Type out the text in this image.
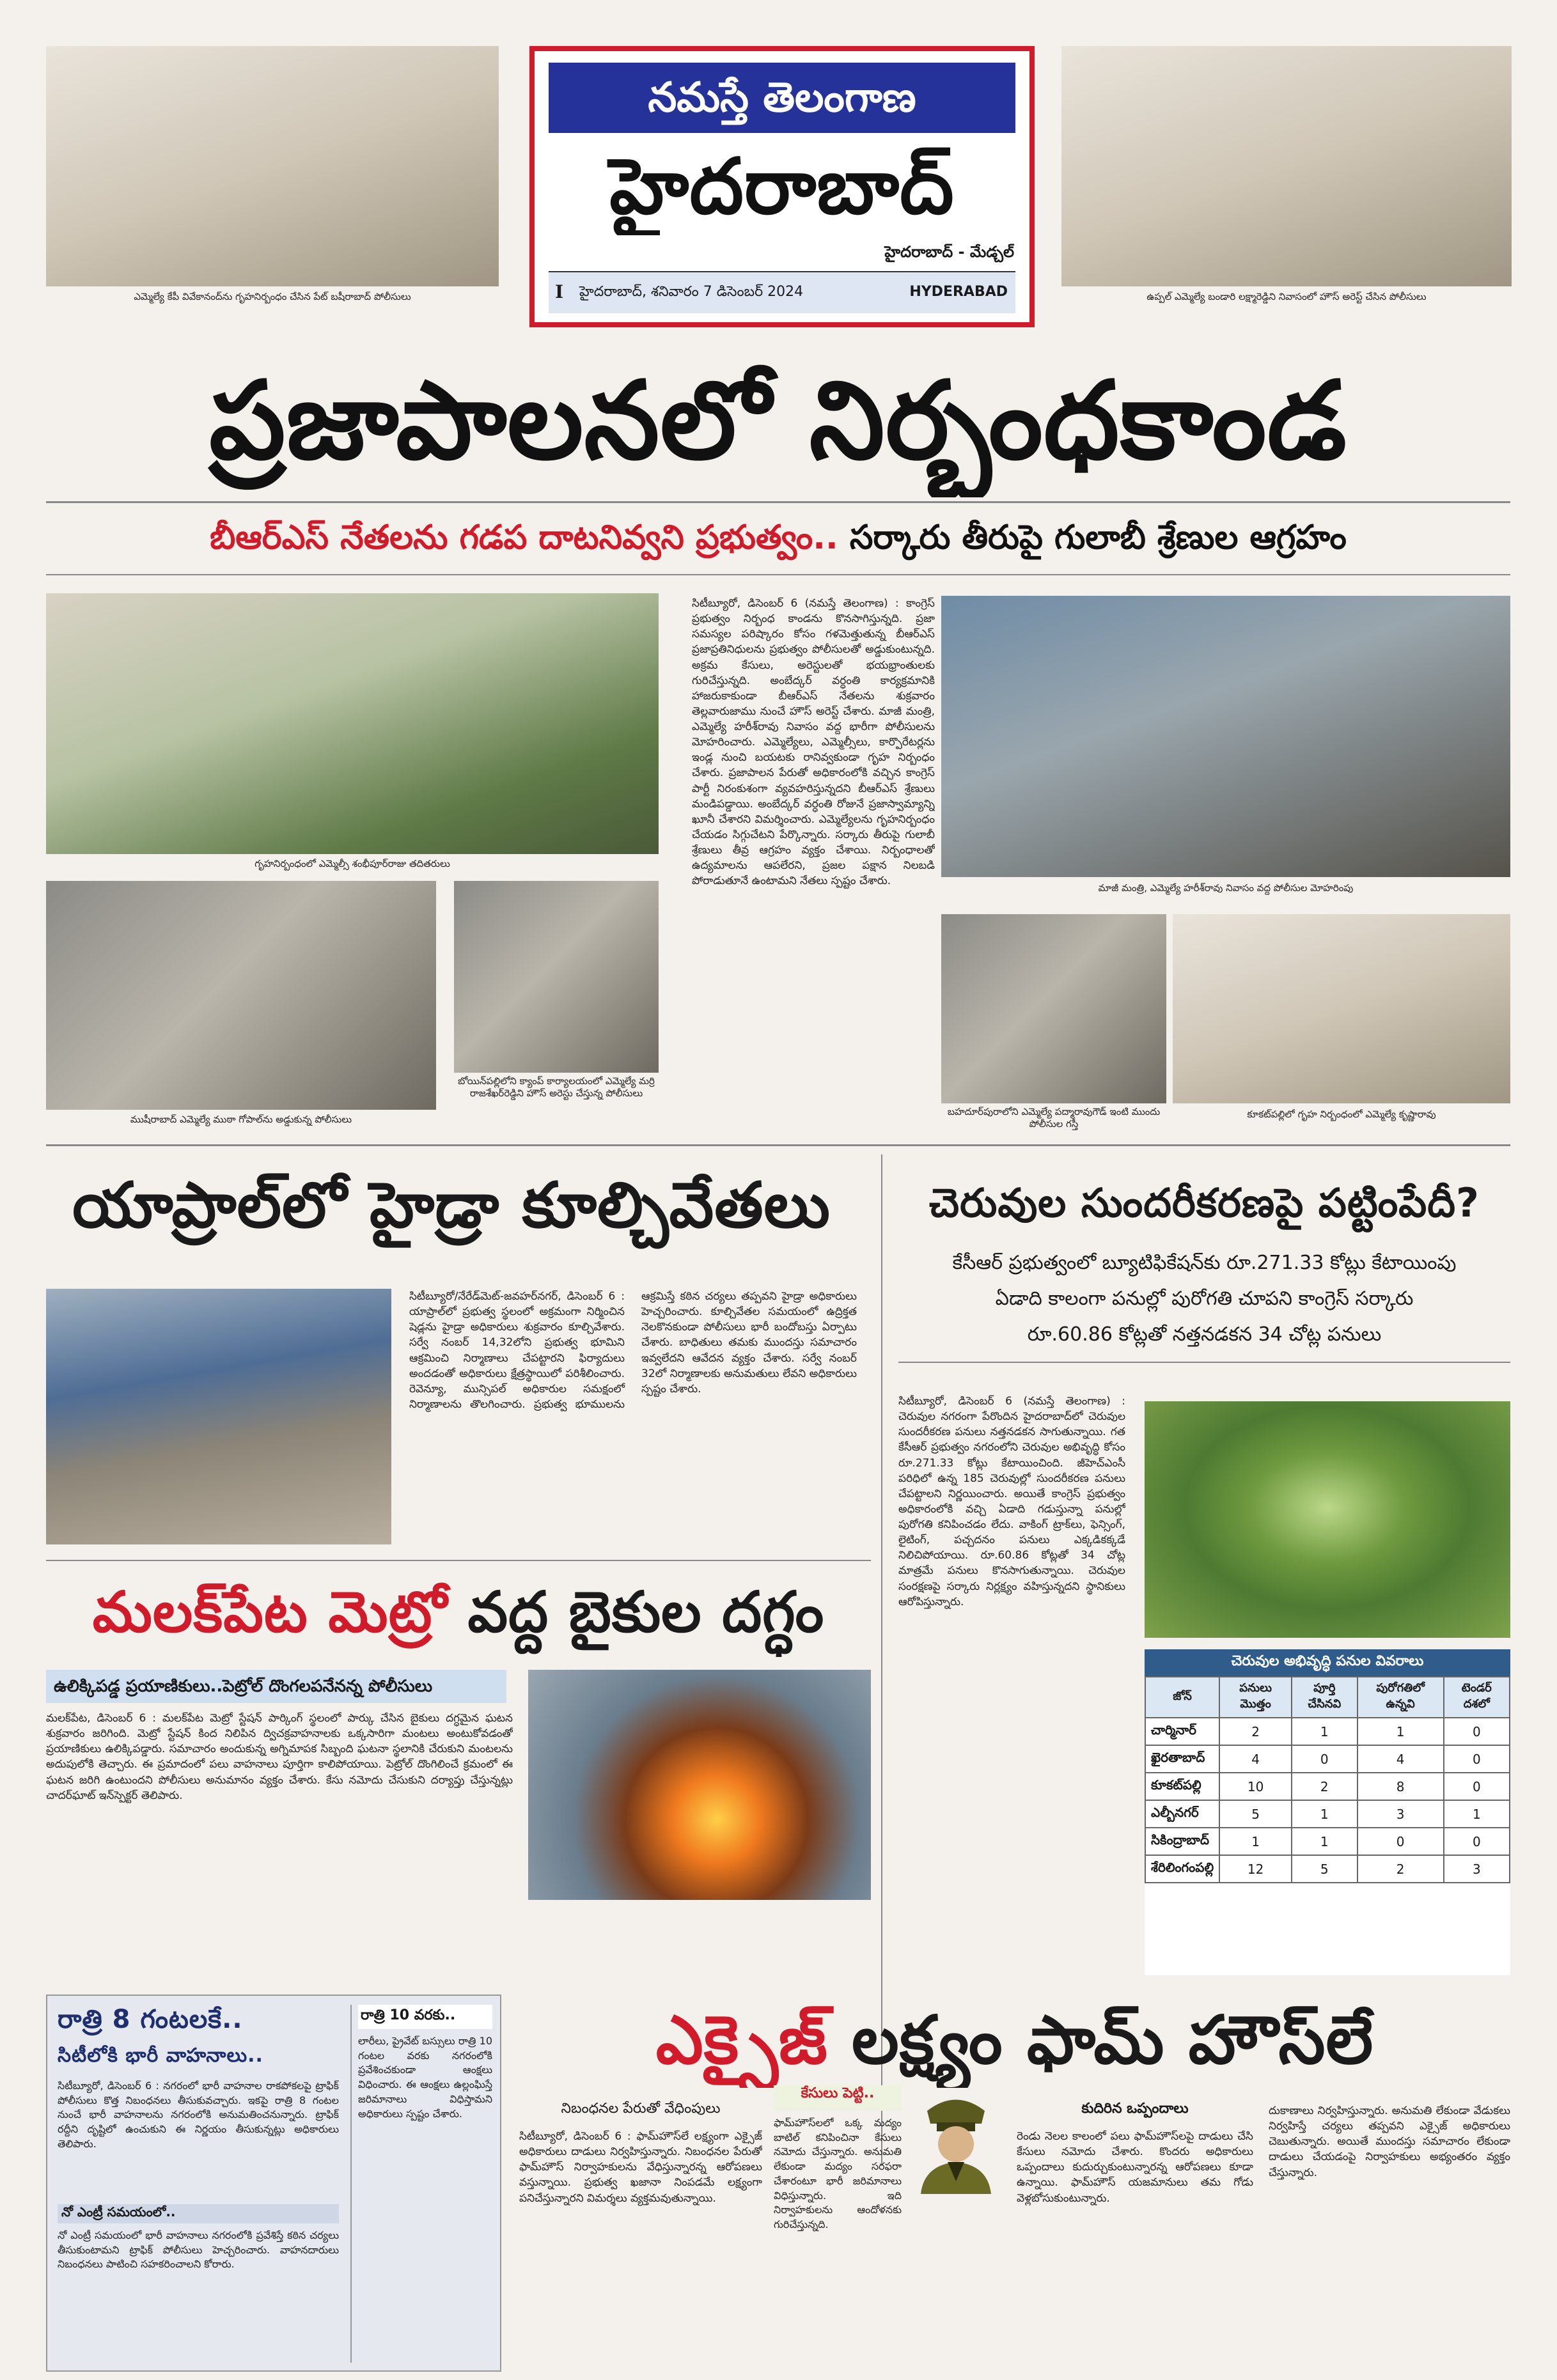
ఎమ్మెల్యే కేపీ వివేకానంద్‌ను గృహనిర్బంధం చేసిన పేట్ బషీరాబాద్ పోలీసులు
నమస్తే తెలంగాణ
హైదరాబాద్
హైదరాబాద్ - మేడ్చల్
I హైదరాబాద్, శనివారం 7 డిసెంబర్ 2024	HYDERABAD	ఉప్పల్ ఎమ్మెల్యే బండారి లక్ష్మారెడ్డిని నివాసంలో హౌస్ అరెస్ట్ చేసిన పోలీసులు
ప్రజాపాలనలో నిర్బంధకాండ
బీఆర్‌ఎస్ నేతలను గడప దాటనివ్వని ప్రభుత్వం.. సర్కారు తీరుపై గులాబీ శ్రేణుల ఆగ్రహం
గృహనిర్బంధంలో ఎమ్మెల్సీ శంభీపూర్‌రాజు తదితరులు
ముషీరాబాద్ ఎమ్మెల్యే ముఠా గోపాల్‌ను అడ్డుకున్న పోలీసులు
బోయిన్‌పల్లిలోని క్యాంప్ కార్యాలయంలో ఎమ్మెల్యే మర్రి రాజశేఖర్‌రెడ్డిని హౌస్ అరెస్టు చేస్తున్న పోలీసులు
సిటీబ్యూరో, డిసెంబర్ 6 (నమస్తే తెలంగాణ) : కాంగ్రెస్ ప్రభుత్వం నిర్బంధ కాండను కొనసాగిస్తున్నది. ప్రజా సమస్యల పరిష్కారం కోసం గళమెత్తుతున్న బీఆర్‌ఎస్ ప్రజాప్రతినిధులను ప్రభుత్వం పోలీసులతో అడ్డుకుంటున్నది. అక్రమ కేసులు, అరెస్టులతో భయభ్రాంతులకు గురిచేస్తున్నది. అంబేద్కర్ వర్ధంతి కార్యక్రమానికి హాజరుకాకుండా బీఆర్‌ఎస్ నేతలను శుక్రవారం తెల్లవారుజాము నుంచే హౌస్ అరెస్ట్ చేశారు. మాజీ మంత్రి, ఎమ్మెల్యే హరీశ్‌రావు నివాసం వద్ద భారీగా పోలీసులను మోహరించారు. ఎమ్మెల్యేలు, ఎమ్మెల్సీలు, కార్పొరేటర్లను ఇండ్ల నుంచి బయటకు రానివ్వకుండా గృహ నిర్బంధం చేశారు. ప్రజాపాలన పేరుతో అధికారంలోకి వచ్చిన కాంగ్రెస్ పార్టీ నిరంకుశంగా వ్యవహరిస్తున్నదని బీఆర్‌ఎస్ శ్రేణులు మండిపడ్డాయి. అంబేద్కర్ వర్ధంతి రోజునే ప్రజాస్వామ్యాన్ని ఖూనీ చేశారని విమర్శించారు. ఎమ్మెల్యేలను గృహనిర్బంధం చేయడం సిగ్గుచేటని పేర్కొన్నారు. సర్కారు తీరుపై గులాబీ శ్రేణులు తీవ్ర ఆగ్రహం వ్యక్తం చేశాయి. నిర్బంధాలతో ఉద్యమాలను ఆపలేరని, ప్రజల పక్షాన నిలబడి పోరాడుతూనే ఉంటామని నేతలు స్పష్టం చేశారు.
మాజీ మంత్రి, ఎమ్మెల్యే హరీశ్‌రావు నివాసం వద్ద పోలీసుల మోహరింపు
బహదూర్‌పురాలోని ఎమ్మెల్యే పద్మారావుగౌడ్ ఇంటి ముందు పోలీసుల గస్తీ
కూకట్‌పల్లిలో గృహ నిర్బంధంలో ఎమ్మెల్యే కృష్ణారావు
యాప్రాల్‌లో హైడ్రా కూల్చివేతలు
సిటీబ్యూరో/నేరేడ్‌మెట్-జవహర్‌నగర్, డిసెంబర్ 6 : యాప్రాల్‌లో ప్రభుత్వ స్థలంలో అక్రమంగా నిర్మించిన షెడ్లను హైడ్రా అధికారులు శుక్రవారం కూల్చివేశారు. సర్వే నంబర్ 14,32లోని ప్రభుత్వ భూమిని ఆక్రమించి నిర్మాణాలు చేపట్టారని ఫిర్యాదులు అందడంతో అధికారులు క్షేత్రస్థాయిలో పరిశీలించారు. రెవెన్యూ, మున్సిపల్ అధికారుల సమక్షంలో నిర్మాణాలను తొలగించారు. ప్రభుత్వ భూములను ఆక్రమిస్తే కఠిన చర్యలు తప్పవని హైడ్రా అధికారులు హెచ్చరించారు. కూల్చివేతల సమయంలో ఉద్రిక్తత నెలకొనకుండా పోలీసులు భారీ బందోబస్తు ఏర్పాటు చేశారు. బాధితులు తమకు ముందస్తు సమాచారం ఇవ్వలేదని ఆవేదన వ్యక్తం చేశారు. సర్వే నంబర్ 32లో నిర్మాణాలకు అనుమతులు లేవని అధికారులు స్పష్టం చేశారు.
చెరువుల సుందరీకరణపై పట్టింపేదీ?
కేసీఆర్ ప్రభుత్వంలో బ్యూటిఫికేషన్‌కు రూ.271.33 కోట్లు కేటాయింపు
ఏడాది కాలంగా పనుల్లో పురోగతి చూపని కాంగ్రెస్ సర్కారు
రూ.60.86 కోట్లతో నత్తనడకన 34 చోట్ల పనులు
సిటీబ్యూరో, డిసెంబర్ 6 (నమస్తే తెలంగాణ) : చెరువుల నగరంగా పేరొందిన హైదరాబాద్‌లో చెరువుల సుందరీకరణ పనులు నత్తనడకన సాగుతున్నాయి. గత కేసీఆర్ ప్రభుత్వం నగరంలోని చెరువుల అభివృద్ధి కోసం రూ.271.33 కోట్లు కేటాయించింది. జీహెచ్‌ఎంసీ పరిధిలో ఉన్న 185 చెరువుల్లో సుందరీకరణ పనులు చేపట్టాలని నిర్ణయించారు. అయితే కాంగ్రెస్ ప్రభుత్వం అధికారంలోకి వచ్చి ఏడాది గడుస్తున్నా పనుల్లో పురోగతి కనిపించడం లేదు. వాకింగ్ ట్రాక్‌లు, ఫెన్సింగ్, లైటింగ్, పచ్చదనం పనులు ఎక్కడికక్కడే నిలిచిపోయాయి. రూ.60.86 కోట్లతో 34 చోట్ల మాత్రమే పనులు కొనసాగుతున్నాయి. చెరువుల సంరక్షణపై సర్కారు నిర్లక్ష్యం వహిస్తున్నదని స్థానికులు ఆరోపిస్తున్నారు.
చెరువుల అభివృద్ధి పనుల వివరాలు
జోన్	పనులు మొత్తం	పూర్తి చేసినవి	పురోగతిలో ఉన్నవి	టెండర్ దశలో
చార్మినార్	2	1	1	0
ఖైరతాబాద్	4	0	4	0
కూకట్‌పల్లి	10	2	8	0
ఎల్బీనగర్	5	1	3	1
సికింద్రాబాద్	1	1	0	0
శేరిలింగంపల్లి	12	5	2	3
మలక్‌పేట మెట్రో వద్ద బైకుల దగ్ధం
ఉలిక్కిపడ్డ ప్రయాణికులు..పెట్రోల్ దొంగలపనేనన్న పోలీసులు
మలక్‌పేట, డిసెంబర్ 6 : మలక్‌పేట మెట్రో స్టేషన్ పార్కింగ్ స్థలంలో పార్కు చేసిన బైకులు దగ్ధమైన ఘటన శుక్రవారం జరిగింది. మెట్రో స్టేషన్ కింద నిలిపిన ద్విచక్రవాహనాలకు ఒక్కసారిగా మంటలు అంటుకోవడంతో ప్రయాణికులు ఉలిక్కిపడ్డారు. సమాచారం అందుకున్న అగ్నిమాపక సిబ్బంది ఘటనా స్థలానికి చేరుకుని మంటలను అదుపులోకి తెచ్చారు. ఈ ప్రమాదంలో పలు వాహనాలు పూర్తిగా కాలిపోయాయి. పెట్రోల్ దొంగిలించే క్రమంలో ఈ ఘటన జరిగి ఉంటుందని పోలీసులు అనుమానం వ్యక్తం చేశారు. కేసు నమోదు చేసుకుని దర్యాప్తు చేస్తున్నట్లు చాదర్‌ఘాట్ ఇన్‌స్పెక్టర్ తెలిపారు.
రాత్రి 8 గంటలకే..
సిటీలోకి భారీ వాహనాలు..
సిటీబ్యూరో, డిసెంబర్ 6 : నగరంలో భారీ వాహనాల రాకపోకలపై ట్రాఫిక్ పోలీసులు కొత్త నిబంధనలు తీసుకువచ్చారు. ఇకపై రాత్రి 8 గంటల నుంచే భారీ వాహనాలను నగరంలోకి అనుమతించనున్నారు. ట్రాఫిక్ రద్దీని దృష్టిలో ఉంచుకుని ఈ నిర్ణయం తీసుకున్నట్లు అధికారులు తెలిపారు.
నో ఎంట్రీ సమయంలో..
నో ఎంట్రీ సమయంలో భారీ వాహనాలు నగరంలోకి ప్రవేశిస్తే కఠిన చర్యలు తీసుకుంటామని ట్రాఫిక్ పోలీసులు హెచ్చరించారు. వాహనదారులు నిబంధనలు పాటించి సహకరించాలని కోరారు.
రాత్రి 10 వరకు..
లారీలు, ప్రైవేట్ బస్సులు రాత్రి 10 గంటల వరకు నగరంలోకి ప్రవేశించకుండా ఆంక్షలు విధించారు. ఈ ఆంక్షలు ఉల్లంఘిస్తే జరిమానాలు విధిస్తామని అధికారులు స్పష్టం చేశారు.
ఎక్సైజ్ లక్ష్యం ఫామ్ హౌస్‌లే
నిబంధనల పేరుతో వేధింపులు
సిటీబ్యూరో, డిసెంబర్ 6 : ఫామ్‌హౌస్‌లే లక్ష్యంగా ఎక్సైజ్ అధికారులు దాడులు నిర్వహిస్తున్నారు. నిబంధనల పేరుతో ఫామ్‌హౌస్ నిర్వాహకులను వేధిస్తున్నారన్న ఆరోపణలు వస్తున్నాయి. ప్రభుత్వ ఖజానా నింపడమే లక్ష్యంగా పనిచేస్తున్నారని విమర్శలు వ్యక్తమవుతున్నాయి.
కేసులు పెట్టి..
ఫామ్‌హౌస్‌లలో ఒక్క మద్యం బాటిల్ కనిపించినా కేసులు నమోదు చేస్తున్నారు. అనుమతి లేకుండా మద్యం సరఫరా చేశారంటూ భారీ జరిమానాలు విధిస్తున్నారు. ఇది నిర్వాహకులను ఆందోళనకు గురిచేస్తున్నది.
కుదిరిన ఒప్పందాలు
రెండు నెలల కాలంలో పలు ఫామ్‌హౌస్‌లపై దాడులు చేసి కేసులు నమోదు చేశారు. కొందరు అధికారులు ఒప్పందాలు కుదుర్చుకుంటున్నారన్న ఆరోపణలు కూడా ఉన్నాయి. ఫామ్‌హౌస్ యజమానులు తమ గోడు వెళ్లబోసుకుంటున్నారు.
దుకాణాలు నిర్వహిస్తున్నారు. అనుమతి లేకుండా వేడుకలు నిర్వహిస్తే చర్యలు తప్పవని ఎక్సైజ్ అధికారులు చెబుతున్నారు. అయితే ముందస్తు సమాచారం లేకుండా దాడులు చేయడంపై నిర్వాహకులు అభ్యంతరం వ్యక్తం చేస్తున్నారు.
